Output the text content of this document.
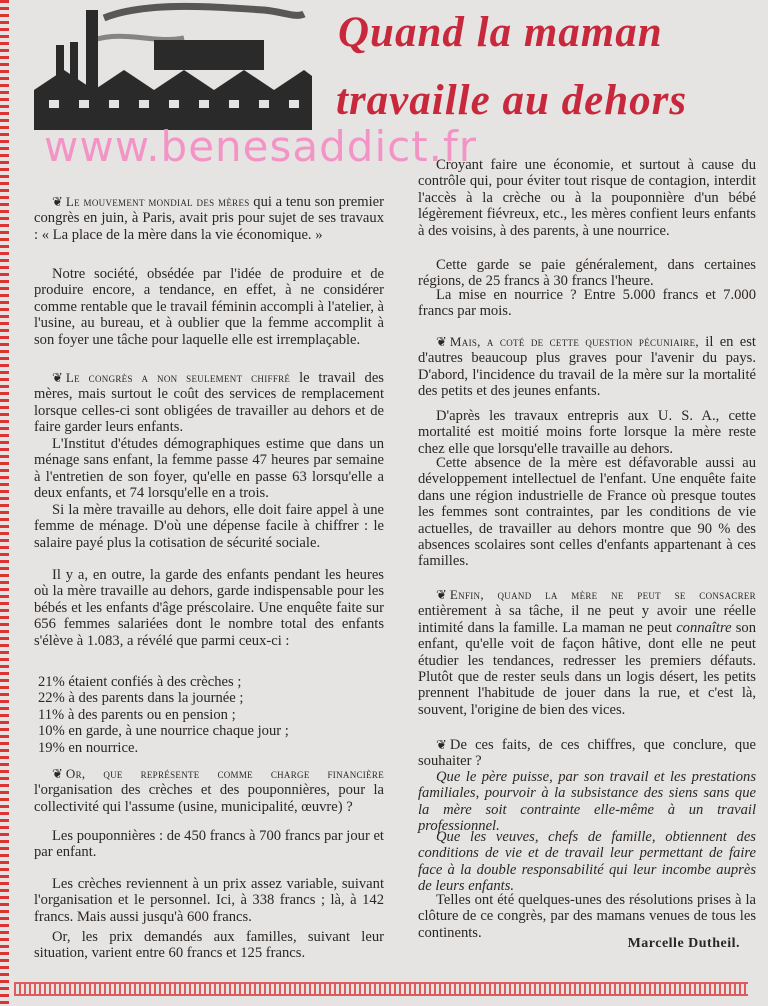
Quand la maman
travaille au dehors
www.benesaddict.fr
❦ Le mouvement mondial des mères qui a tenu son premier congrès en juin, à Paris, avait pris pour sujet de ses travaux : « La place de la mère dans la vie économique. »
Notre société, obsédée par l'idée de produire et de produire encore, a tendance, en effet, à ne considérer comme rentable que le travail féminin accompli à l'atelier, à l'usine, au bureau, et à oublier que la femme accomplit à son foyer une tâche pour laquelle elle est irremplaçable.
❦ Le congrès a non seulement chiffré le travail des mères, mais surtout le coût des services de remplacement lorsque celles-ci sont obligées de travailler au dehors et de faire garder leurs enfants.
L'Institut d'études démographiques estime que dans un ménage sans enfant, la femme passe 47 heures par semaine à l'entretien de son foyer, qu'elle en passe 63 lorsqu'elle a deux enfants, et 74 lorsqu'elle en a trois.
Si la mère travaille au dehors, elle doit faire appel à une femme de ménage. D'où une dépense facile à chiffrer : le salaire payé plus la cotisation de sécurité sociale.
Il y a, en outre, la garde des enfants pendant les heures où la mère travaille au dehors, garde indispensable pour les bébés et les enfants d'âge préscolaire. Une enquête faite sur 656 femmes salariées dont le nombre total des enfants s'élève à 1.083, a révélé que parmi ceux-ci :
21% étaient confiés à des crèches ;
22% à des parents dans la journée ;
11% à des parents ou en pension ;
10% en garde, à une nourrice chaque jour ;
19% en nourrice.
❦ Or, que représente comme charge financière l'organisation des crèches et des pouponnières, pour la collectivité qui l'assume (usine, municipalité, œuvre) ?
Les pouponnières : de 450 francs à 700 francs par jour et par enfant.
Les crèches reviennent à un prix assez variable, suivant l'organisation et le personnel. Ici, à 338 francs ; là, à 142 francs. Mais aussi jusqu'à 600 francs.
Or, les prix demandés aux familles, suivant leur situation, varient entre 60 francs et 125 francs.
Croyant faire une économie, et surtout à cause du contrôle qui, pour éviter tout risque de contagion, interdit l'accès à la crèche ou à la pouponnière d'un bébé légèrement fiévreux, etc., les mères confient leurs enfants à des voisins, à des parents, à une nourrice.
Cette garde se paie généralement, dans certaines régions, de 25 francs à 30 francs l'heure.
La mise en nourrice ? Entre 5.000 francs et 7.000 francs par mois.
❦ Mais, a coté de cette question pécuniaire, il en est d'autres beaucoup plus graves pour l'avenir du pays. D'abord, l'incidence du travail de la mère sur la mortalité des petits et des jeunes enfants.
D'après les travaux entrepris aux U. S. A., cette mortalité est moitié moins forte lorsque la mère reste chez elle que lorsqu'elle travaille au dehors.
Cette absence de la mère est défavorable aussi au développement intellectuel de l'enfant. Une enquête faite dans une région industrielle de France où presque toutes les femmes sont contraintes, par les conditions de vie actuelles, de travailler au dehors montre que 90 % des absences scolaires sont celles d'enfants appartenant à ces familles.
❦ Enfin, quand la mère ne peut se consacrer entièrement à sa tâche, il ne peut y avoir une réelle intimité dans la famille. La maman ne peut connaître son enfant, qu'elle voit de façon hâtive, dont elle ne peut étudier les tendances, redresser les premiers défauts. Plutôt que de rester seuls dans un logis désert, les petits prennent l'habitude de jouer dans la rue, et c'est là, souvent, l'origine de bien des vices.
❦ De ces faits, de ces chiffres, que conclure, que souhaiter ?
Que le père puisse, par son travail et les prestations familiales, pourvoir à la subsistance des siens sans que la mère soit contrainte elle-même à un travail professionnel.
Que les veuves, chefs de famille, obtiennent des conditions de vie et de travail leur permettant de faire face à la double responsabilité qui leur incombe auprès de leurs enfants.
Telles ont été quelques-unes des résolutions prises à la clôture de ce congrès, par des mamans venues de tous les continents.
Marcelle Dutheil.
